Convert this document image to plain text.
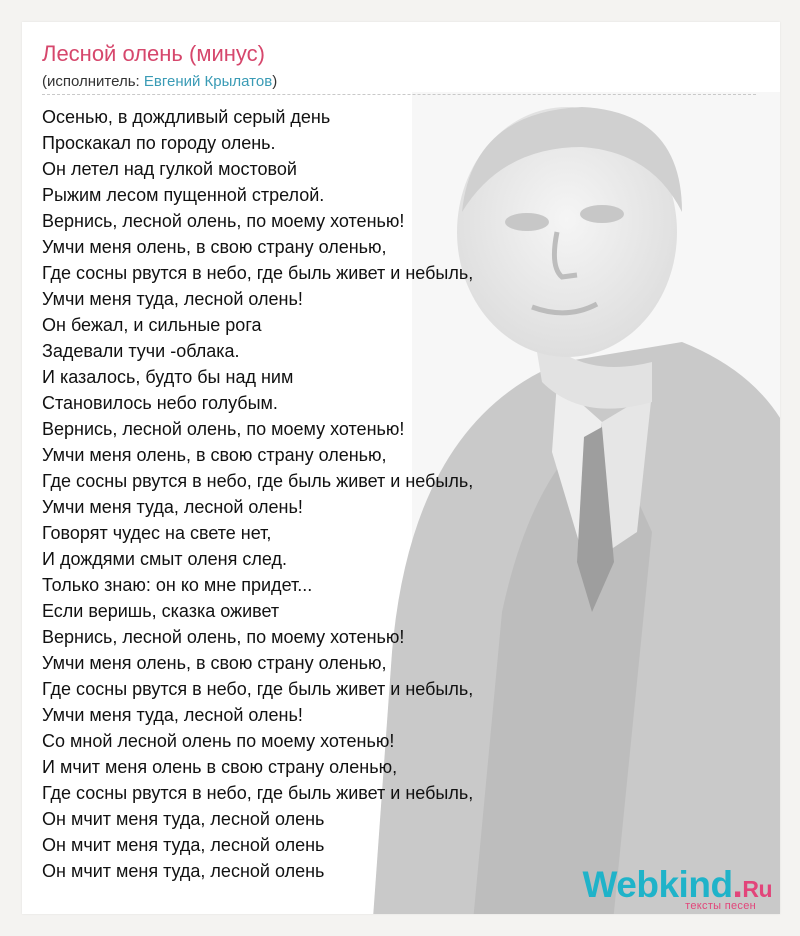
Лесной олень (минус)
(исполнитель: Евгений Крылатов)
Осенью, в дождливый серый день
Проскакал по городу олень.
Он летел над гулкой мостовой
Рыжим лесом пущенной стрелой.
Вернись, лесной олень, по моему хотенью!
Умчи меня олень, в свою страну оленью,
Где сосны рвутся в небо, где быль живет и небыль,
Умчи меня туда, лесной олень!
Он бежал, и сильные рога
Задевали тучи -облака.
И казалось, будто бы над ним
Становилось небо голубым.
Вернись, лесной олень, по моему хотенью!
Умчи меня олень, в свою страну оленью,
Где сосны рвутся в небо, где быль живет и небыль,
Умчи меня туда, лесной олень!
Говорят чудес на свете нет,
И дождями смыт оленя след.
Только знаю: он ко мне придет...
Если веришь, сказка оживет
Вернись, лесной олень, по моему хотенью!
Умчи меня олень, в свою страну оленью,
Где сосны рвутся в небо, где быль живет и небыль,
Умчи меня туда, лесной олень!
Со мной лесной олень по моему хотенью!
И мчит меня олень в свою страну оленью,
Где сосны рвутся в небо, где быль живет и небыль,
Он мчит меня туда, лесной олень
Он мчит меня туда, лесной олень
Он мчит меня туда, лесной олень	Webkind.Ru
тексты песен
